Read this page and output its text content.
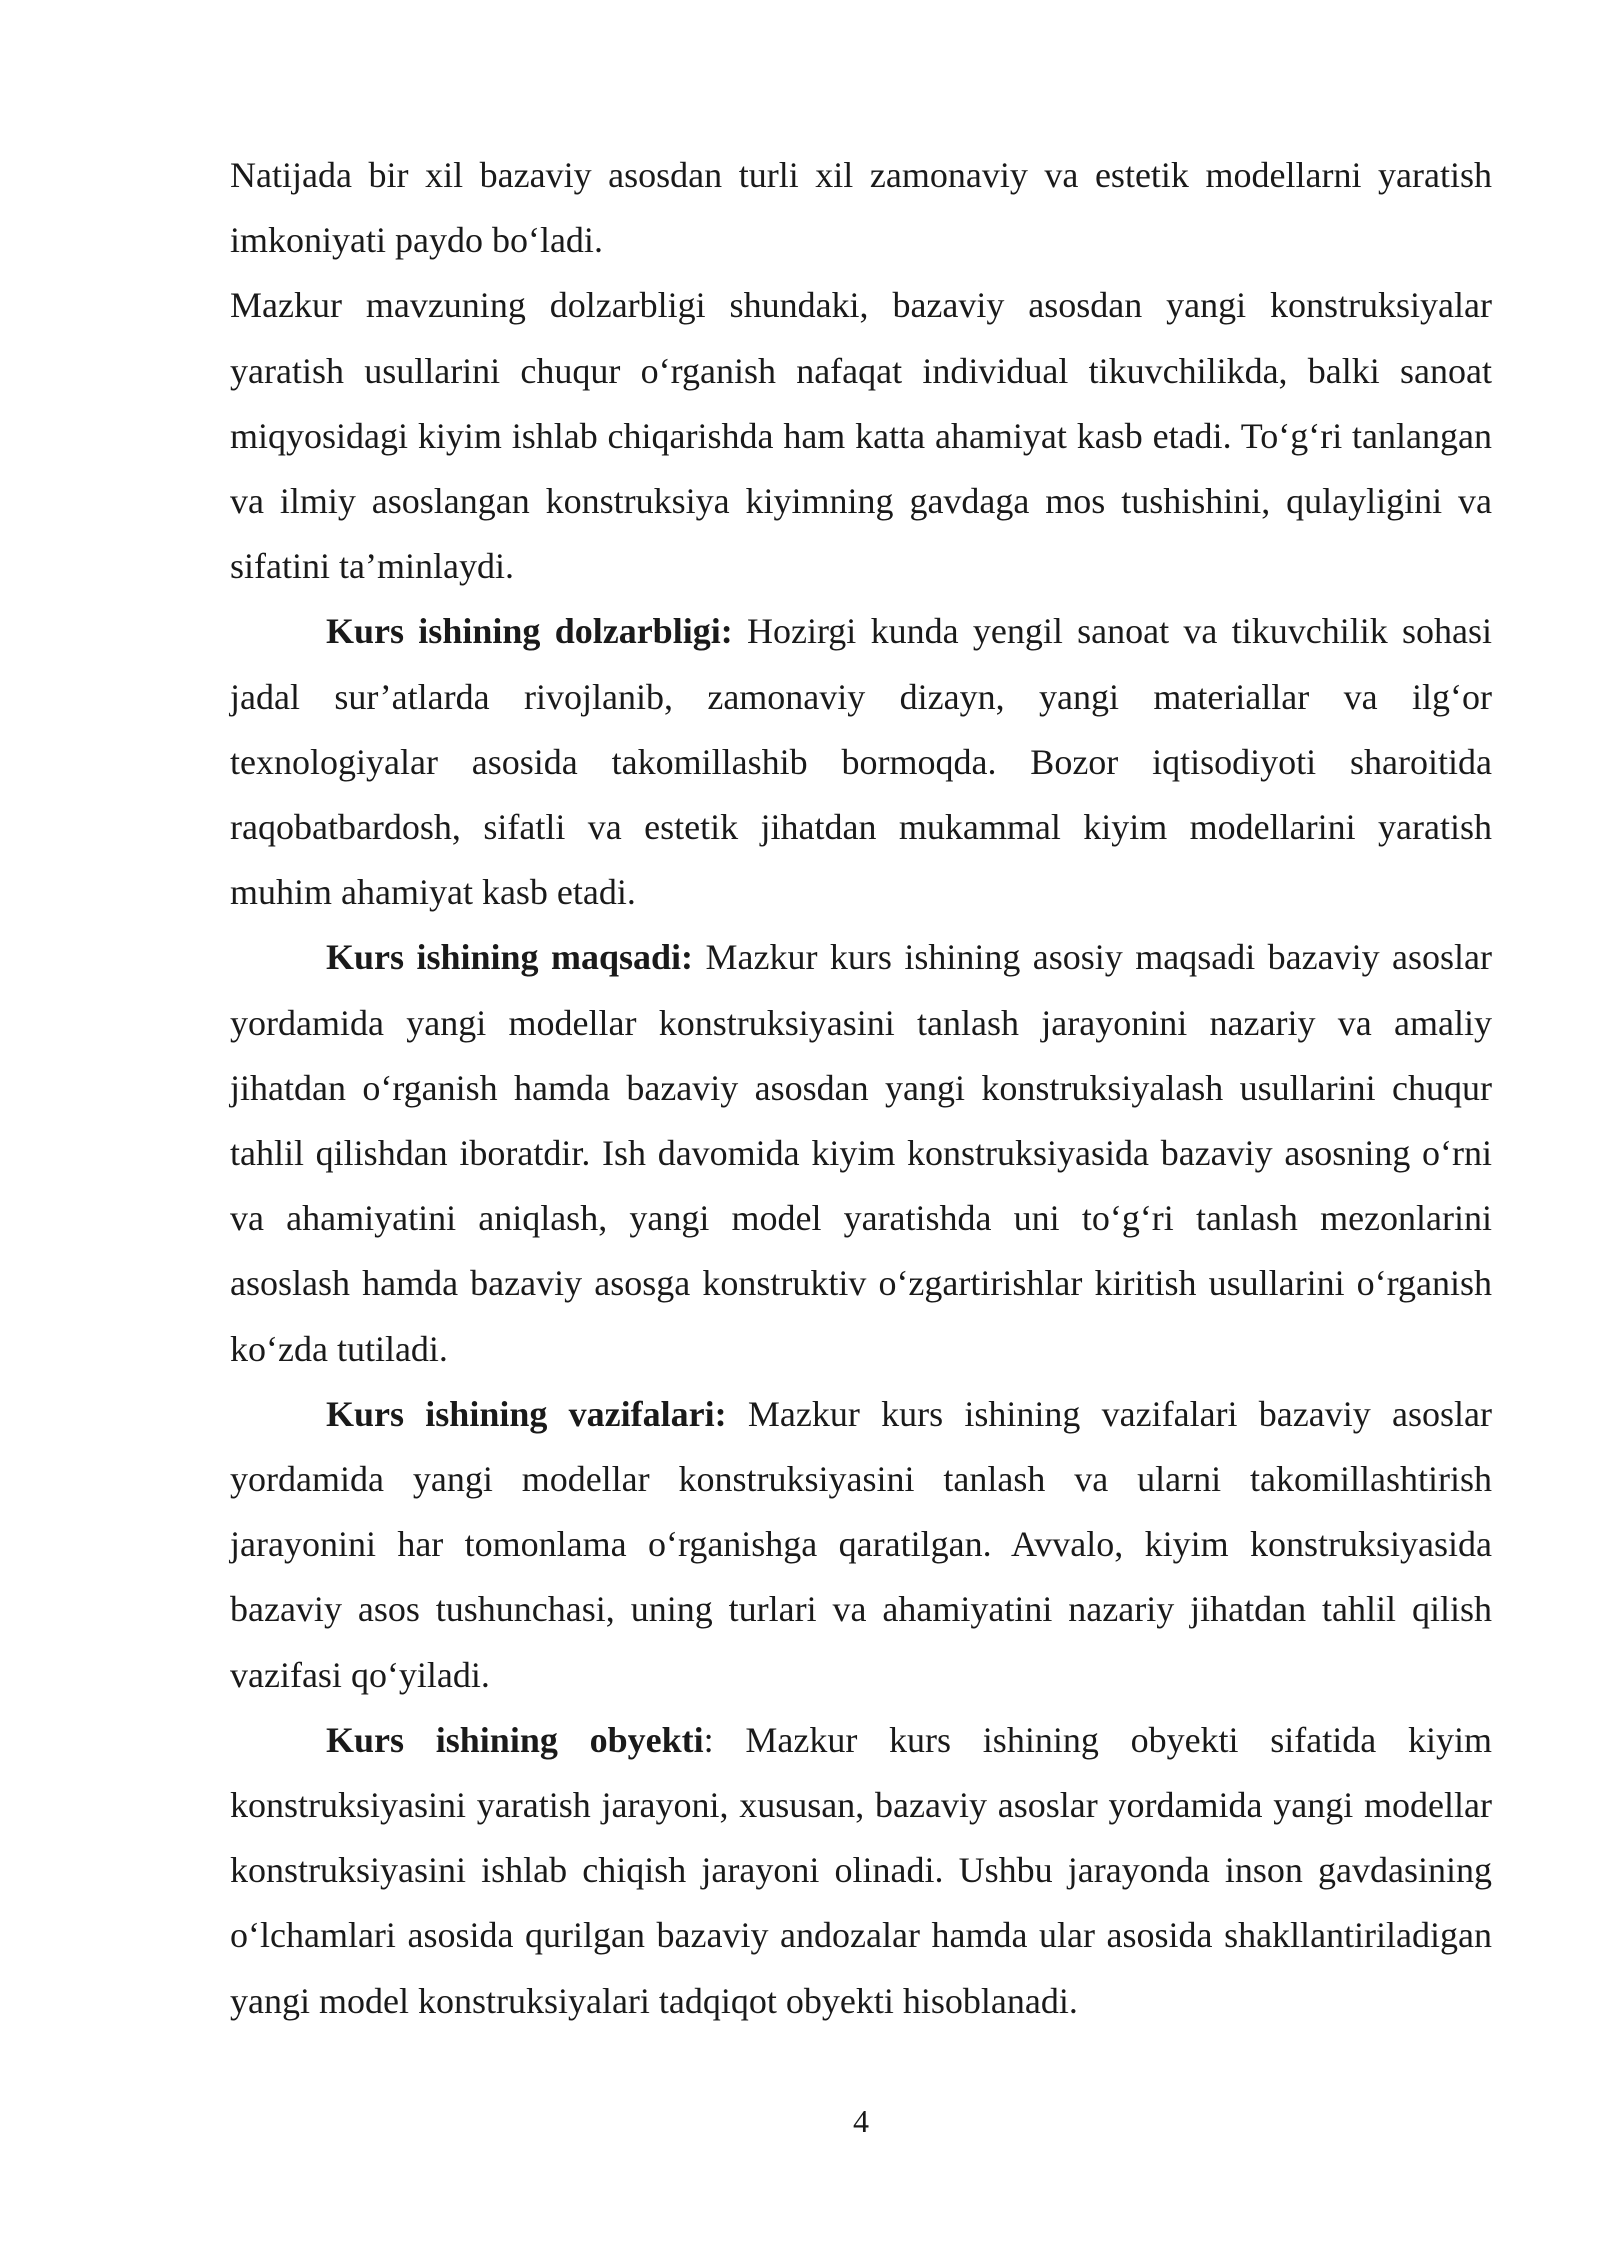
Natijada bir xil bazaviy asosdan turli xil zamonaviy va estetik modellarni yaratish imkoniyati paydo boʻladi.

Mazkur mavzuning dolzarbligi shundaki, bazaviy asosdan yangi konstruksiyalar yaratish usullarini chuqur oʻrganish nafaqat individual tikuvchilikda, balki sanoat miqyosidagi kiyim ishlab chiqarishda ham katta ahamiyat kasb etadi. Toʻgʻri tanlangan va ilmiy asoslangan konstruksiya kiyimning gavdaga mos tushishini, qulayligini va sifatini ta’minlaydi.

Kurs ishining dolzarbligi: Hozirgi kunda yengil sanoat va tikuvchilik sohasi jadal sur’atlarda rivojlanib, zamonaviy dizayn, yangi materiallar va ilgʻor texnologiyalar asosida takomillashib bormoqda. Bozor iqtisodiyoti sharoitida raqobatbardosh, sifatli va estetik jihatdan mukammal kiyim modellarini yaratish muhim ahamiyat kasb etadi.

Kurs ishining maqsadi: Mazkur kurs ishining asosiy maqsadi bazaviy asoslar yordamida yangi modellar konstruksiyasini tanlash jarayonini nazariy va amaliy jihatdan oʻrganish hamda bazaviy asosdan yangi konstruksiyalash usullarini chuqur tahlil qilishdan iboratdir. Ish davomida kiyim konstruksiyasida bazaviy asosning oʻrni va ahamiyatini aniqlash, yangi model yaratishda uni toʻgʻri tanlash mezonlarini asoslash hamda bazaviy asosga konstruktiv oʻzgartirishlar kiritish usullarini oʻrganish koʻzda tutiladi.

Kurs ishining vazifalari: Mazkur kurs ishining vazifalari bazaviy asoslar yordamida yangi modellar konstruksiyasini tanlash va ularni takomillashtirish jarayonini har tomonlama oʻrganishga qaratilgan. Avvalo, kiyim konstruksiyasida bazaviy asos tushunchasi, uning turlari va ahamiyatini nazariy jihatdan tahlil qilish vazifasi qoʻyiladi.

Kurs ishining obyekti: Mazkur kurs ishining obyekti sifatida kiyim konstruksiyasini yaratish jarayoni, xususan, bazaviy asoslar yordamida yangi modellar konstruksiyasini ishlab chiqish jarayoni olinadi. Ushbu jarayonda inson gavdasining oʻlchamlari asosida qurilgan bazaviy andozalar hamda ular asosida shakllantiriladigan yangi model konstruksiyalari tadqiqot obyekti hisoblanadi.

4
